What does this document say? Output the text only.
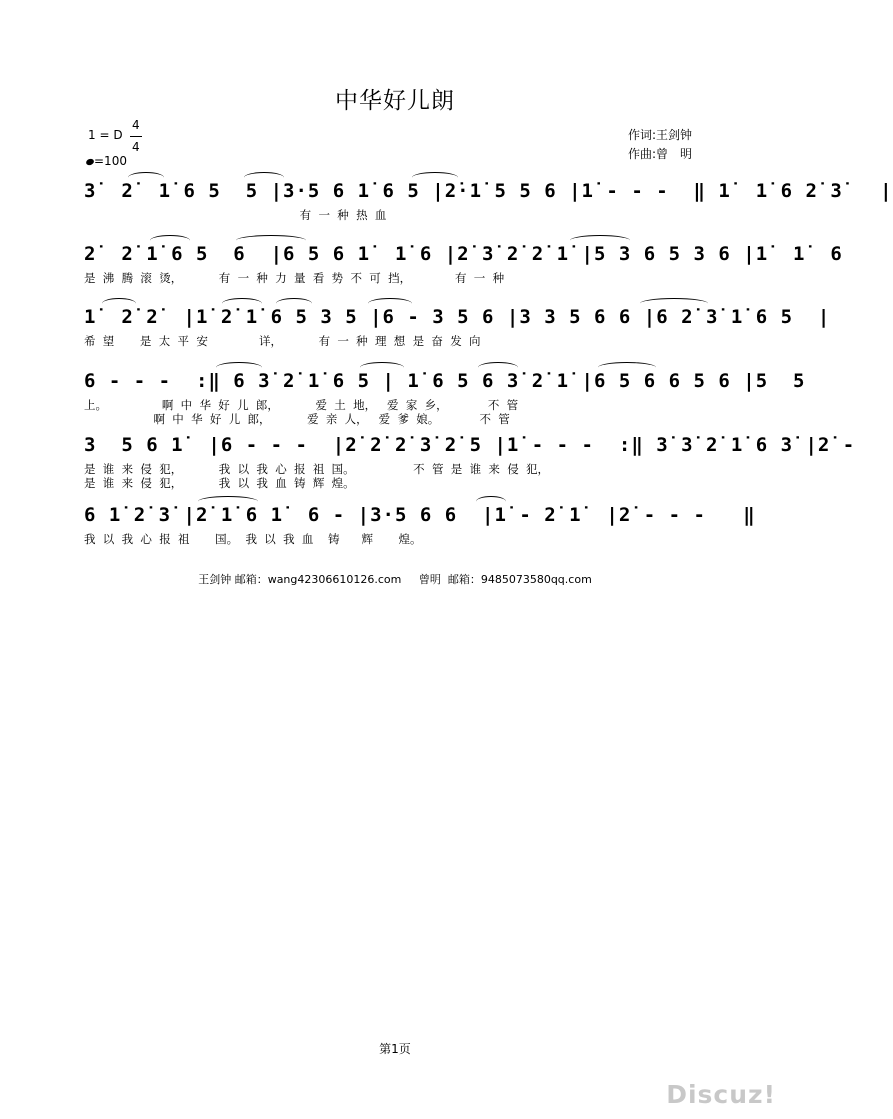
中华好儿朗
1 = D
4
4
=100
作词:王剑钟
作曲:曾　明
3̇  2̇  1̇ 6 5  5 |3·5 6 1̇ 6 5 |2̇·1̇ 5 5 6 |1̇ - - -  ‖ 1̇  1̇ 6 2̇ 3̇   |
有  一  种  热  血
2̇  2̇ 1̇ 6 5  6  |6 5 6 1̇  1̇ 6 |2̇ 3̇ 2̇ 2̇ 1̇ |5 3 6 5 3 6 |1̇  1̇  6
是  沸  腾  滚  烫，          有  一  种  力  量  看  势  不  可  挡，            有  一  种
1̇  2̇ 2̇  |1̇ 2̇ 1̇ 6 5 3 5 |6 - 3 5 6 |3 3 5 6 6 |6 2̇ 3̇ 1̇ 6 5  |
希  望       是  太  平  安              详，          有  一  种  理  想  是  奋  发  向
6 - - -  :‖ 6 3̇ 2̇ 1̇ 6 5 | 1̇ 6 5 6 3̇ 2̇ 1̇ |6 5 6 6 5 6 |5  5
上。               啊  中  华  好  儿  郎，          爱  土  地，   爱  家  乡，           不  管
啊  中  华  好  儿  郎，          爱  亲  人，   爱  爹  娘。           不  管
3  5 6 1̇  |6 - - -  |2̇ 2̇ 2̇ 3̇ 2̇ 5 |1̇ - - -  :‖ 3̇ 3̇ 2̇ 1̇ 6 3̇ |2̇ -
是  谁  来  侵  犯，          我  以  我  心  报  祖  国。                不  管  是  谁  来  侵  犯，
是  谁  来  侵  犯，          我  以  我  血  铸  辉  煌。
6 1̇ 2̇ 3̇ |2̇ 1̇ 6 1̇  6 - |3·5 6 6  |1̇ - 2̇ 1̇  |2̇ - - -   ‖
我  以  我  心  报  祖       国。  我  以  我  血    铸      辉       煌。
王剑钟 邮箱：wang42306610126.com     曾明  邮箱：9485073580qq.com
第1页
Discuz!
